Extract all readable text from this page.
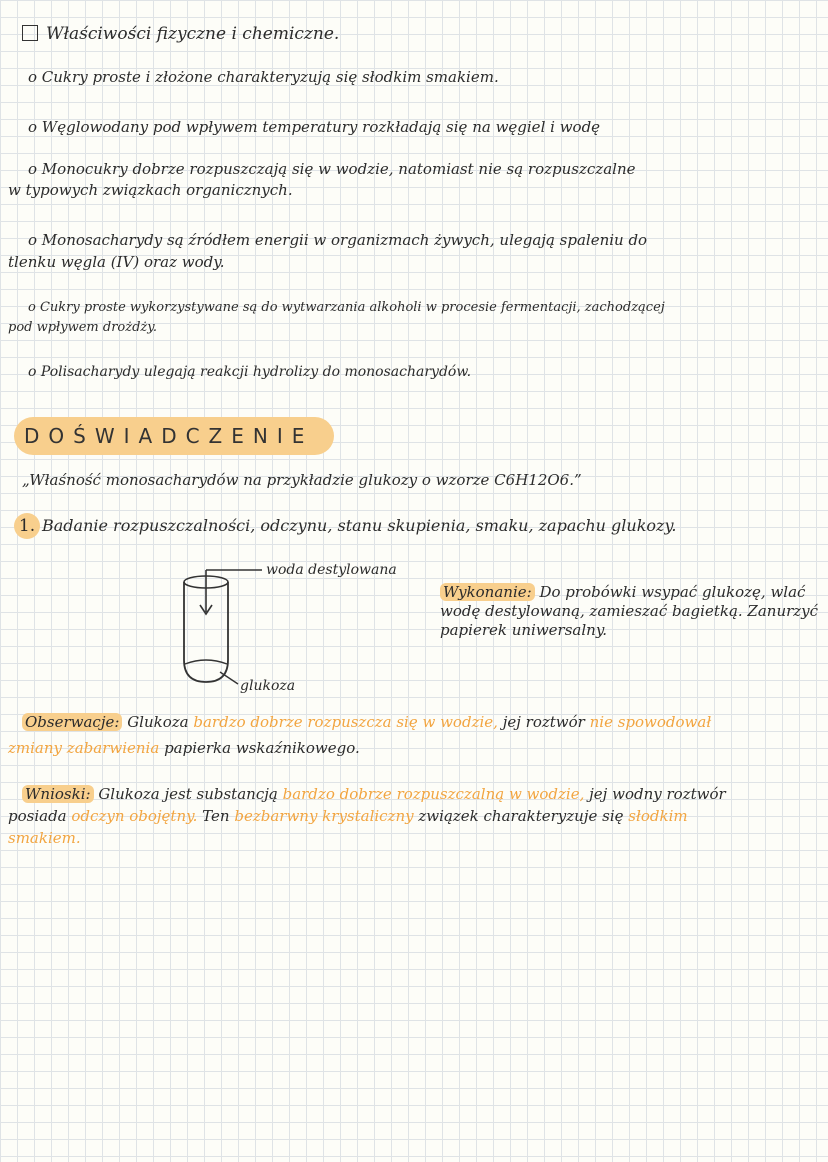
Właściwości fizyczne i chemiczne.
o Cukry proste i złożone charakteryzują się słodkim smakiem.
o Węglowodany pod wpływem temperatury rozkładają się na węgiel i wodę
o Monocukry dobrze rozpuszczają się w wodzie, natomiast nie są rozpuszczalne
w typowych związkach organicznych.
o Monosacharydy są źródłem energii w organizmach żywych, ulegają spaleniu do
tlenku węgla (IV) oraz wody.
o Cukry proste wykorzystywane są do wytwarzania alkoholi w procesie fermentacji, zachodzącej
pod wpływem drożdży.
o Polisacharydy ulegają reakcji hydrolizy do monosacharydów.
DOŚWIADCZENIE
„Właśność monosacharydów na przykładzie glukozy o wzorze C6H12O6.”
1. Badanie rozpuszczalności, odczynu, stanu skupienia, smaku, zapachu glukozy.
woda destylowana
glukoza
Wykonanie: Do probówki wsypać glukozę, wlać wodę destylowaną, zamieszać bagietką. Zanurzyć papierek uniwersalny.
Obserwacje: Glukoza bardzo dobrze rozpuszcza się w wodzie, jej roztwór nie spowodował
zmiany zabarwienia papierka wskaźnikowego.
Wnioski: Glukoza jest substancją bardzo dobrze rozpuszczalną w wodzie, jej wodny roztwór
posiada odczyn obojętny. Ten bezbarwny krystaliczny związek charakteryzuje się słodkim
smakiem.
